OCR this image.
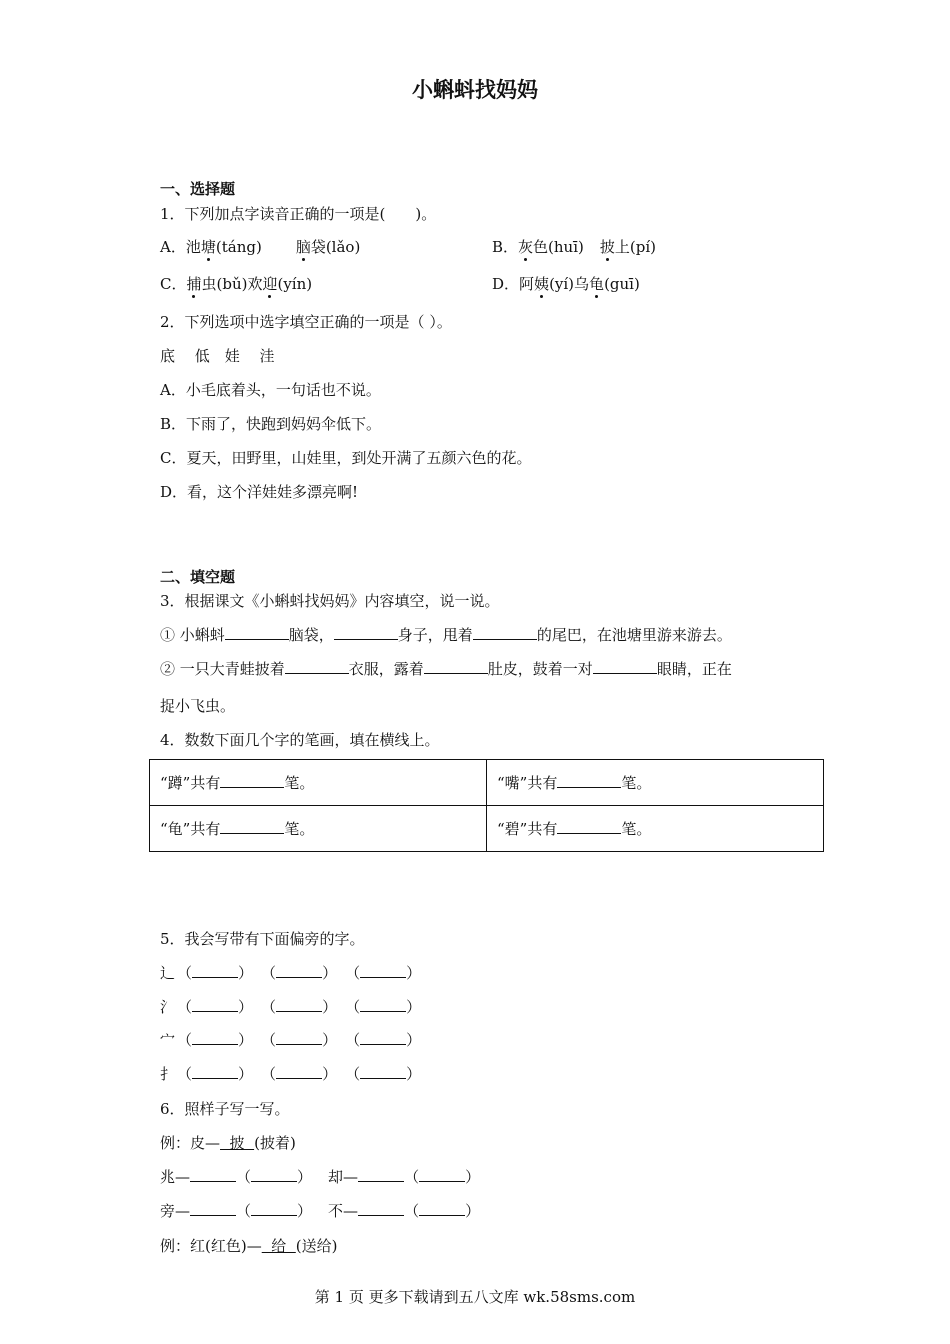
小蝌蚪找妈妈
一、选择题
1．下列加点字读音正确的一项是(　　)。
A．池塘(táng) 脑袋(lǎo)	B．灰色(huī) 披上(pí)
C．捕虫(bǔ)欢迎(yín)	D．阿姨(yí)乌龟(guī)
2．下列选项中选字填空正确的一项是（ ）。
底　 低　娃　 洼
A．小毛底着头，一句话也不说。
B．下雨了，快跑到妈妈伞低下。
C．夏天，田野里，山娃里，到处开满了五颜六色的花。
D．看，这个洋娃娃多漂亮啊!
二、填空题
3．根据课文《小蝌蚪找妈妈》内容填空，说一说。
① 小蝌蚪	脑袋，	身子，甩着	的尾巴，在池塘里游来游去。
② 一只大青蛙披着	衣服，露着	肚皮，鼓着一对	眼睛，正在
捉小飞虫。
4．数数下面几个字的笔画，填在横线上。
“蹲”共有 笔。	“嘴”共有 笔。
“龟”共有 笔。	“碧”共有 笔。
5．我会写带有下面偏旁的字。
辶 （	） （	） （	）
氵 （	） （	） （	）
宀 （	） （	） （	）
扌 （	） （	） （	）
6．照样子写一写。
例：皮—  披  (披着)
兆—	（	） 却—	（	）
旁—	（	） 不—	（	）
例：红(红色)—  给  (送给)
第 1 页 更多下载请到五八文库 wk.58sms.com
